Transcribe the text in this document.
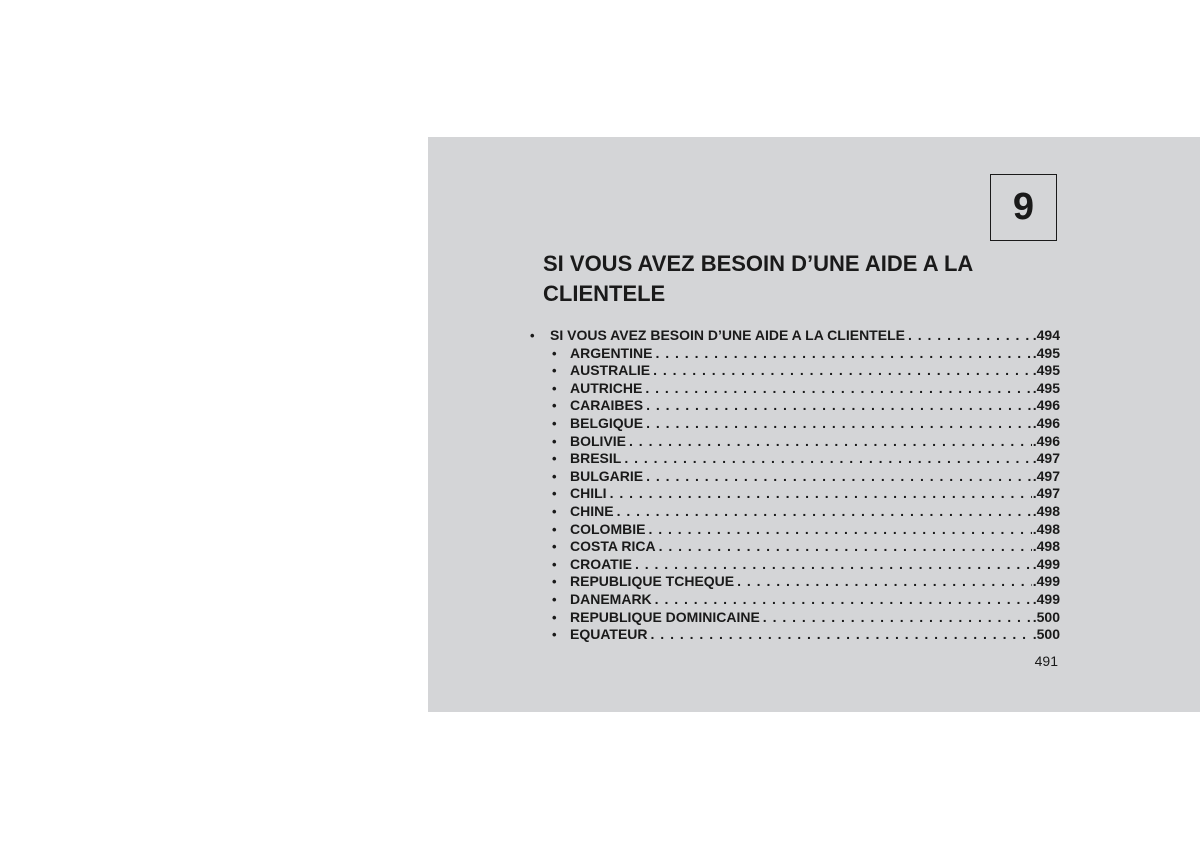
9
SI VOUS AVEZ BESOIN D’UNE AIDE A LA CLIENTELE
•	SI VOUS AVEZ BESOIN D’UNE AIDE A LA CLIENTELE . . .	.494
• ARGENTINE . . .	.495
• AUSTRALIE . . .	.495
• AUTRICHE . . .	.495
• CARAIBES . . .	.496
• BELGIQUE . . .	.496
• BOLIVIE . . .	.496
• BRESIL . . .	.497
• BULGARIE . . .	.497
• CHILI . . .	.497
• CHINE . . .	.498
• COLOMBIE . . .	.498
• COSTA RICA . . .	.498
• CROATIE . . .	.499
• REPUBLIQUE TCHEQUE . . .	.499
• DANEMARK . . .	.499
• REPUBLIQUE DOMINICAINE . . .	.500
• EQUATEUR . . .	.500
491
